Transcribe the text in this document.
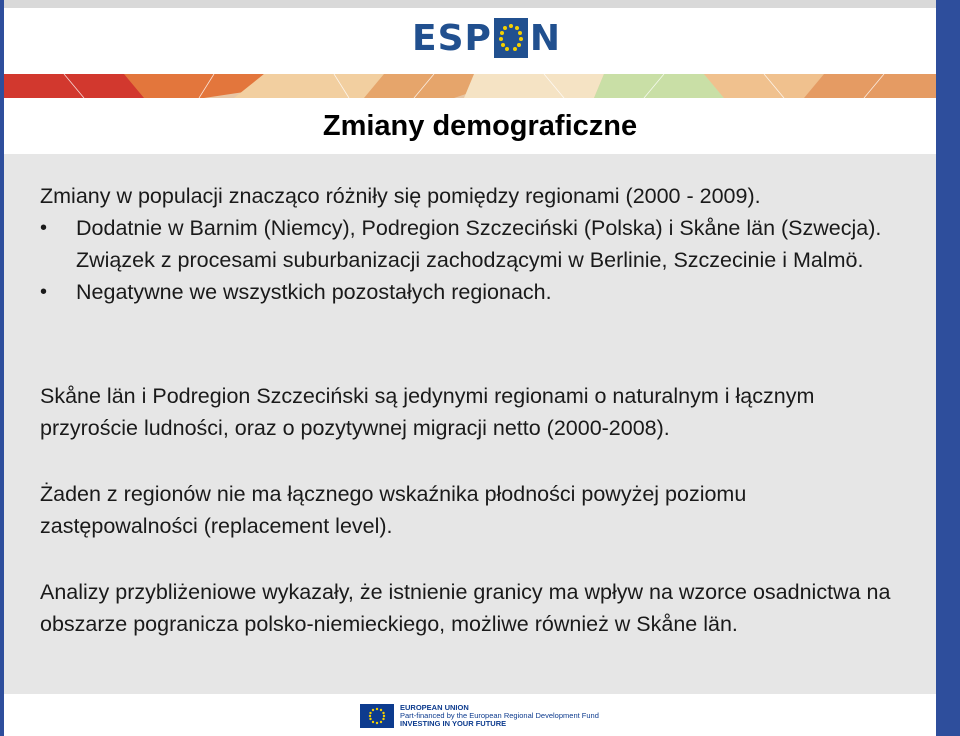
ESP N
Zmiany demograficzne
Zmiany w populacji znacząco różniły się pomiędzy regionami (2000 - 2009).
• Dodatnie w Barnim (Niemcy), Podregion Szczeciński (Polska) i Skåne län (Szwecja). Związek z procesami suburbanizacji zachodzącymi w Berlinie, Szczecinie i Malmö.
• Negatywne we wszystkich pozostałych regionach.
Skåne län i Podregion Szczeciński są jedynymi regionami o naturalnym i łącznym przyroście ludności, oraz o pozytywnej migracji netto (2000-2008).
Żaden z regionów nie ma łącznego wskaźnika płodności powyżej poziomu zastępowalności (replacement level).
Analizy przybliżeniowe wykazały, że istnienie granicy ma wpływ na wzorce osadnictwa na obszarze pogranicza polsko-niemieckiego, możliwe również w Skåne län.
EUROPEAN UNION
Part-financed by the European Regional Development Fund
INVESTING IN YOUR FUTURE
